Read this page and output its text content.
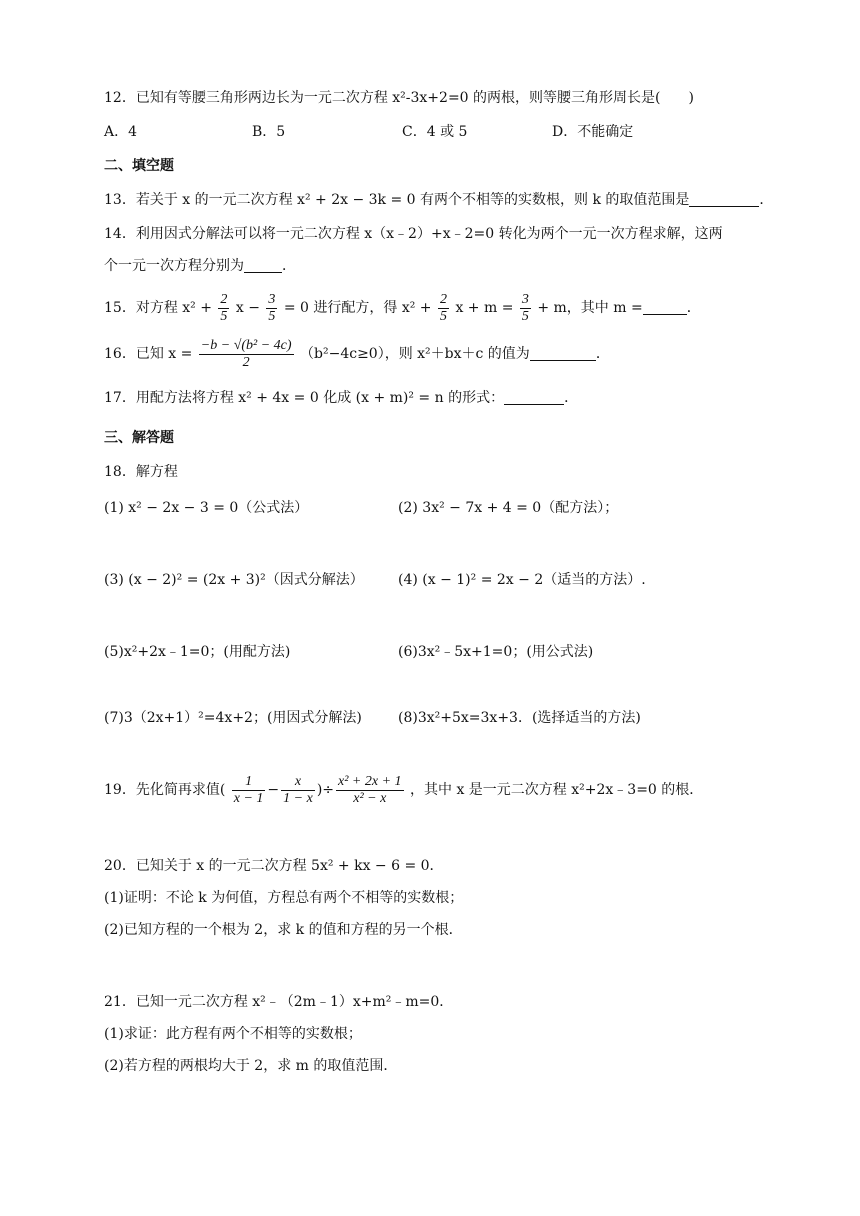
12．已知有等腰三角形两边长为一元二次方程 x²-3x+2=0 的两根，则等腰三角形周长是(　　)
A．4	B．5	C．4 或 5	D．不能确定
二、填空题
13．若关于 x 的一元二次方程 x² + 2x − 3k = 0 有两个不相等的实数根，则 k 的取值范围是	．
14．利用因式分解法可以将一元二次方程 x（x﹣2）+x﹣2=0 转化为两个一元一次方程求解，这两
个一元一次方程分别为	．
15．对方程 $x^2 + \frac{2}{5}$ $x - \frac{3}{5} = 0$ 进行配方，得 $x^2 + \frac{2}{5}$ $x + m = \frac{3}{5} + m$，其中 m =	．
16．已知 $x = \frac{\text{−b − √(b² − 4c)}}{2} (b^2-4c\ge 0)$，则 x²＋bx＋c 的值为	．
17．用配方法将方程 x² + 4x = 0 化成 (x + m)² = n 的形式：	．
三、解答题
18．解方程
(1) x² − 2x − 3 = 0（公式法）	(2) 3x² − 7x + 4 = 0（配方法）；
(3) (x − 2)² = (2x + 3)²（因式分解法） (4) (x − 1)² = 2x − 2（适当的方法）.
(5)x²+2x﹣1=0；(用配方法)	(6)3x²﹣5x+1=0；(用公式法)
(7)3（2x+1）²=4x+2；(用因式分解法)	(8)3x²+5x=3x+3．(选择适当的方法)
19．先化简再求值( $\frac{1}{x - 1} - \frac{x}{1 - x}$ )÷ $\frac{\text{x² + 2x + 1}}{\text{x² − x}}$ ，其中 x 是一元二次方程 x²+2x﹣3=0 的根．
20．已知关于 x 的一元二次方程 5x² + kx − 6 = 0．
(1)证明：不论 k 为何值，方程总有两个不相等的实数根；
(2)已知方程的一个根为 2，求 k 的值和方程的另一个根．
21．已知一元二次方程 x²﹣（2m﹣1）x+m²﹣m=0．
(1)求证：此方程有两个不相等的实数根；
(2)若方程的两根均大于 2，求 m 的取值范围．
